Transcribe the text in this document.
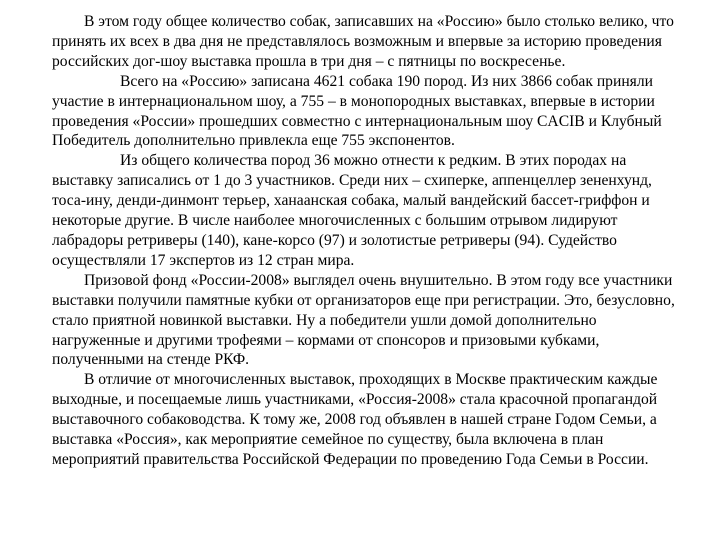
В этом году общее количество собак, записавших на «Россию» было столько велико, что принять их всех в два дня не представлялось возможным и впервые за историю проведения российских дог-шоу выставка прошла в три дня – с пятницы по воскресенье.

Всего на «Россию» записана 4621 собака 190 пород. Из них 3866 собак приняли участие в интернациональном шоу, а 755 – в монопородных выставках, впервые в истории проведения «России» прошедших совместно с интернациональным шоу CACIB и Клубный Победитель дополнительно привлекла еще 755 экспонентов.

Из общего количества пород 36 можно отнести к редким. В этих породах на выставку записались от 1 до 3 участников. Среди них – схиперке, аппенцеллер зененхунд, тоса-ину, денди-динмонт терьер, ханаанская собака, малый вандейский бассет-гриффон и некоторые другие. В числе наиболее многочисленных с большим отрывом лидируют лабрадоры ретриверы (140), кане-корсо (97) и золотистые ретриверы (94). Судейство осуществляли 17 экспертов из 12 стран мира.

Призовой фонд «России-2008» выглядел очень внушительно. В этом году все участники выставки получили памятные кубки от организаторов еще при регистрации. Это, безусловно, стало приятной новинкой выставки. Ну а победители ушли домой дополнительно нагруженные и другими трофеями – кормами от спонсоров и призовыми кубками, полученными на стенде РКФ.

В отличие от многочисленных выставок, проходящих в Москве практическим каждые выходные, и посещаемые лишь участниками, «Россия-2008» стала красочной пропагандой выставочного собаководства. К тому же, 2008 год объявлен в нашей стране Годом Семьи, а выставка «Россия», как мероприятие семейное по существу, была включена в план мероприятий правительства Российской Федерации по проведению Года Семьи в России.
